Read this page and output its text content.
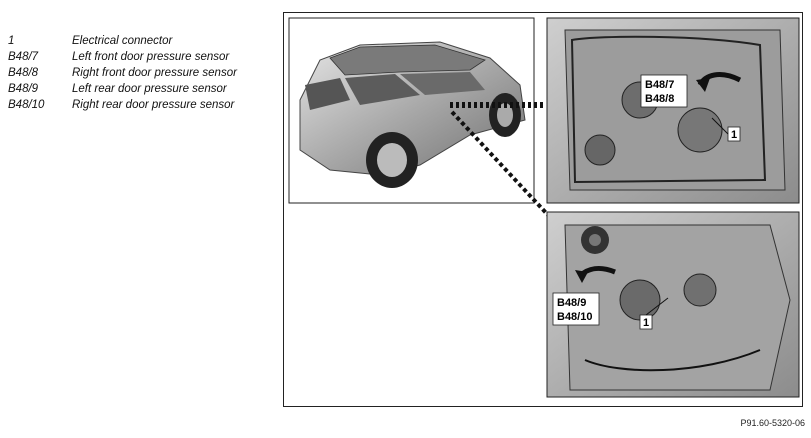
1	Electrical connector
B48/7	Left front door pressure sensor
B48/8	Right front door pressure sensor
B48/9	Left rear door pressure sensor
B48/10	Right rear door pressure sensor
B48/7
B48/8
1
B48/9
B48/10	1
P91.60-5320-06
